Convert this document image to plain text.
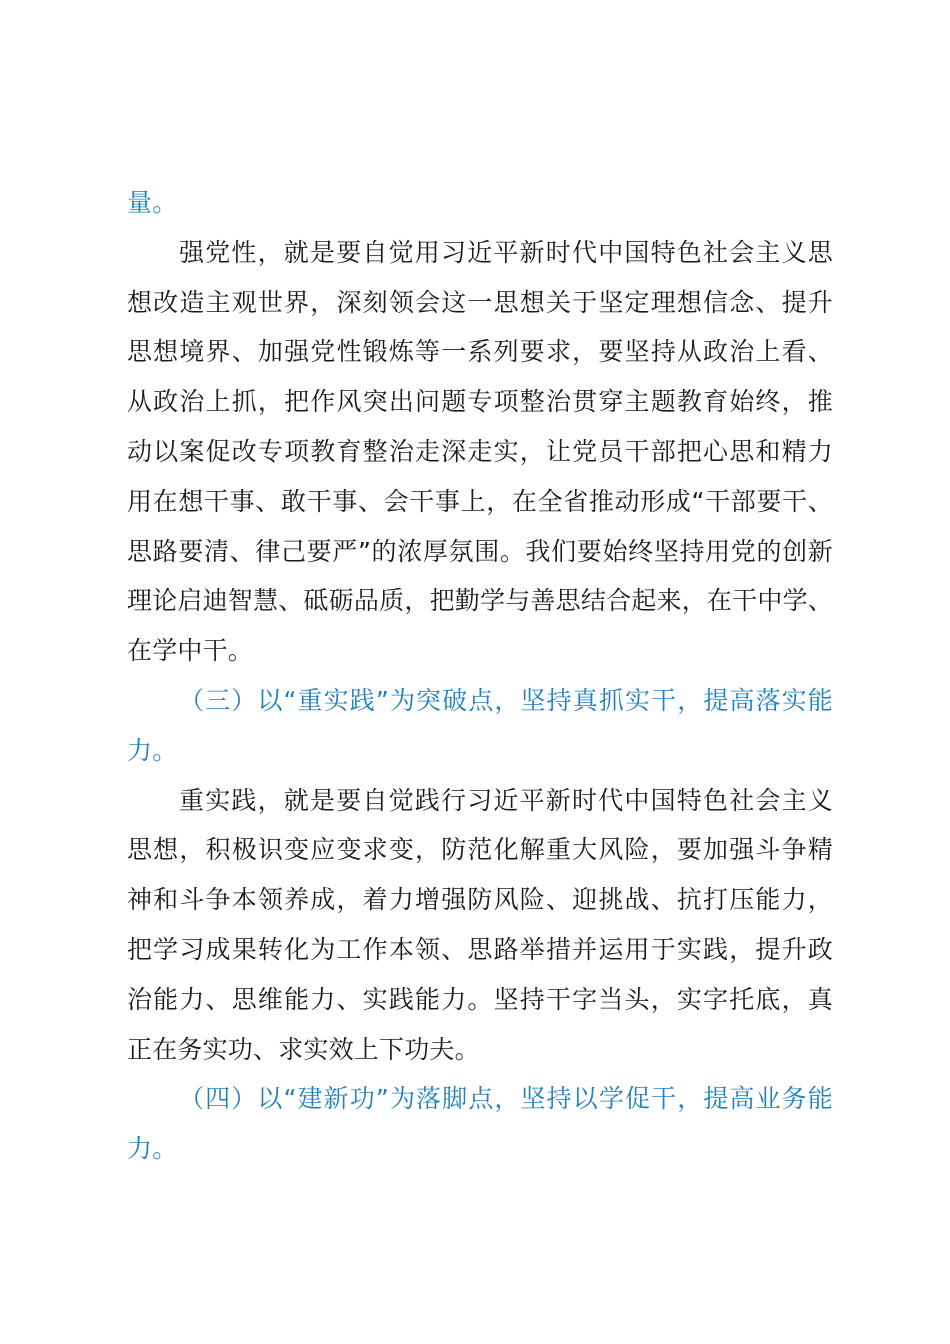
量。

强党性，就是要自觉用习近平新时代中国特色社会主义思
想改造主观世界，深刻领会这一思想关于坚定理想信念、提升
思想境界、加强党性锻炼等一系列要求，要坚持从政治上看、
从政治上抓，把作风突出问题专项整治贯穿主题教育始终，推
动以案促改专项教育整治走深走实，让党员干部把心思和精力
用在想干事、敢干事、会干事上，在全省推动形成“干部要干、
思路要清、律己要严”的浓厚氛围。我们要始终坚持用党的创新
理论启迪智慧、砥砺品质，把勤学与善思结合起来，在干中学、
在学中干。

（三）以“重实践”为突破点，坚持真抓实干，提高落实能
力。

重实践，就是要自觉践行习近平新时代中国特色社会主义
思想，积极识变应变求变，防范化解重大风险，要加强斗争精
神和斗争本领养成，着力增强防风险、迎挑战、抗打压能力，
把学习成果转化为工作本领、思路举措并运用于实践，提升政
治能力、思维能力、实践能力。坚持干字当头，实字托底，真
正在务实功、求实效上下功夫。

（四）以“建新功”为落脚点，坚持以学促干，提高业务能
力。
